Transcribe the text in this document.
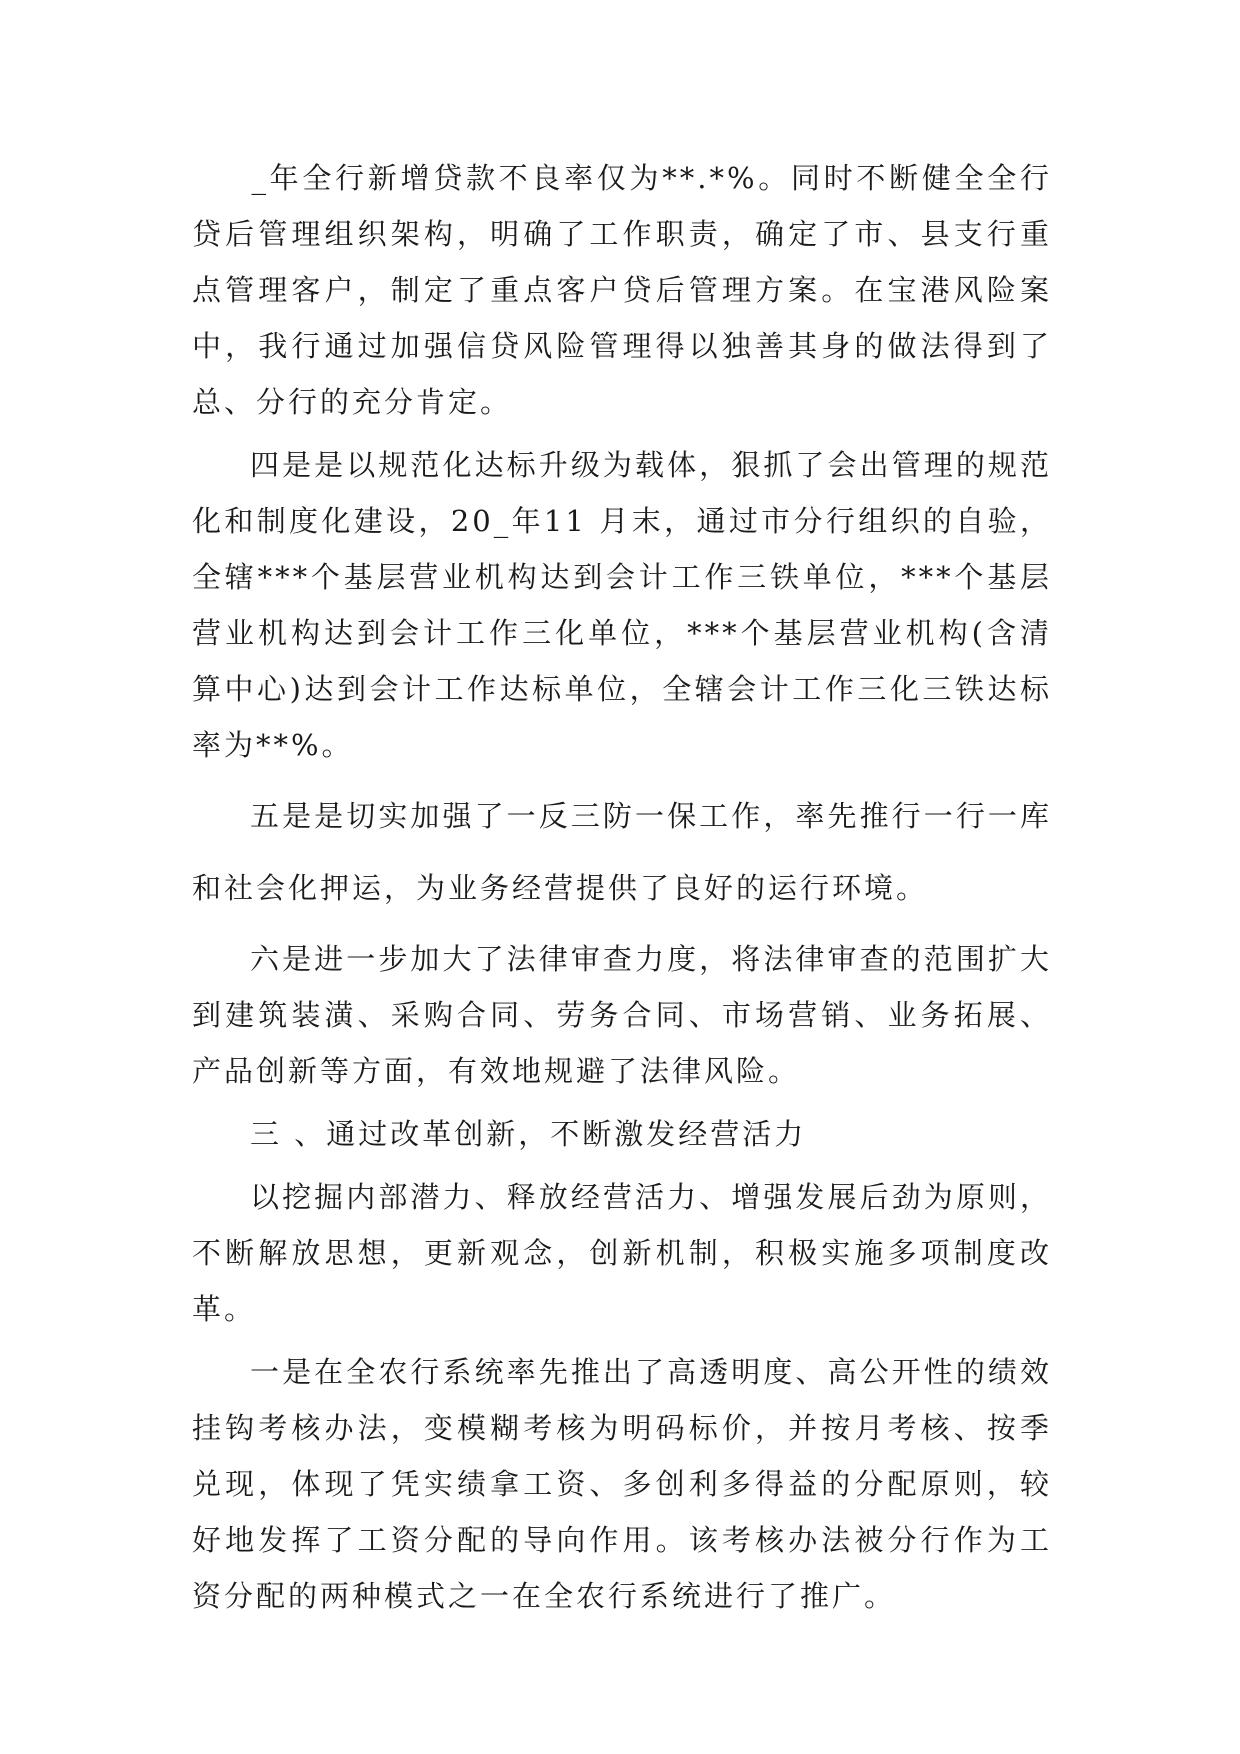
_年全行新增贷款不良率仅为**.*%。同时不断健全全行贷后管理组织架构，明确了工作职责，确定了市、县支行重点管理客户，制定了重点客户贷后管理方案。在宝港风险案中，我行通过加强信贷风险管理得以独善其身的做法得到了总、分行的充分肯定。

四是是以规范化达标升级为载体，狠抓了会出管理的规范化和制度化建设，20_年11 月末，通过市分行组织的自验，全辖***个基层营业机构达到会计工作三铁单位，***个基层营业机构达到会计工作三化单位，***个基层营业机构(含清算中心)达到会计工作达标单位，全辖会计工作三化三铁达标率为**%。

五是是切实加强了一反三防一保工作，率先推行一行一库和社会化押运，为业务经营提供了良好的运行环境。

六是进一步加大了法律审查力度，将法律审查的范围扩大到建筑装潢、采购合同、劳务合同、市场营销、业务拓展、产品创新等方面，有效地规避了法律风险。

三 、通过改革创新，不断激发经营活力

以挖掘内部潜力、释放经营活力、增强发展后劲为原则，不断解放思想，更新观念，创新机制，积极实施多项制度改革。

一是在全农行系统率先推出了高透明度、高公开性的绩效挂钩考核办法，变模糊考核为明码标价，并按月考核、按季兑现，体现了凭实绩拿工资、多创利多得益的分配原则，较好地发挥了工资分配的导向作用。该考核办法被分行作为工资分配的两种模式之一在全农行系统进行了推广。
